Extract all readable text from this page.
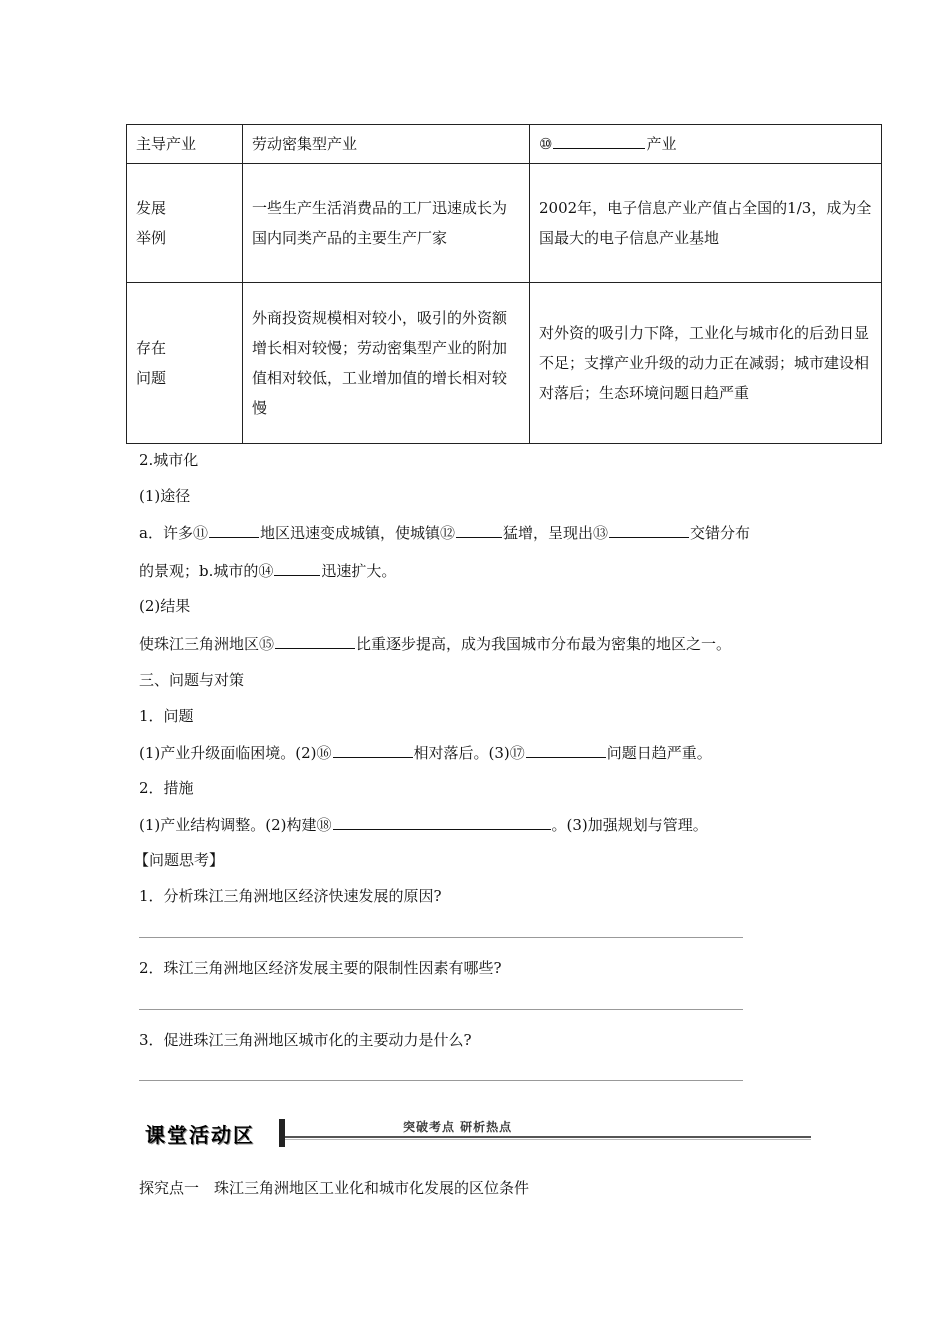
主导产业	劳动密集型产业	⑩ 产业
发展
举例	一些生产生活消费品的工厂迅速成长为国内同类产品的主要生产厂家	2002年，电子信息产业产值占全国的1/3，成为全国最大的电子信息产业基地
存在
问题	外商投资规模相对较小，吸引的外资额增长相对较慢；劳动密集型产业的附加值相对较低，工业增加值的增长相对较慢	对外资的吸引力下降，工业化与城市化的后劲日显不足；支撑产业升级的动力正在减弱；城市建设相对落后；生态环境问题日趋严重
2.城市化
(1)途径
a．许多⑪	地区迅速变成城镇，使城镇⑫	猛增，呈现出⑬	交错分布
的景观；b.城市的⑭	迅速扩大。
(2)结果
使珠江三角洲地区⑮	比重逐步提高，成为我国城市分布最为密集的地区之一。
三、问题与对策
1．问题
(1)产业升级面临困境。(2)⑯	相对落后。(3)⑰	问题日趋严重。
2．措施
(1)产业结构调整。(2)构建⑱	。(3)加强规划与管理。
【问题思考】
1．分析珠江三角洲地区经济快速发展的原因?
2．珠江三角洲地区经济发展主要的限制性因素有哪些?
3．促进珠江三角洲地区城市化的主要动力是什么?
课堂活动区	突破考点 研析热点
探究点一　珠江三角洲地区工业化和城市化发展的区位条件
